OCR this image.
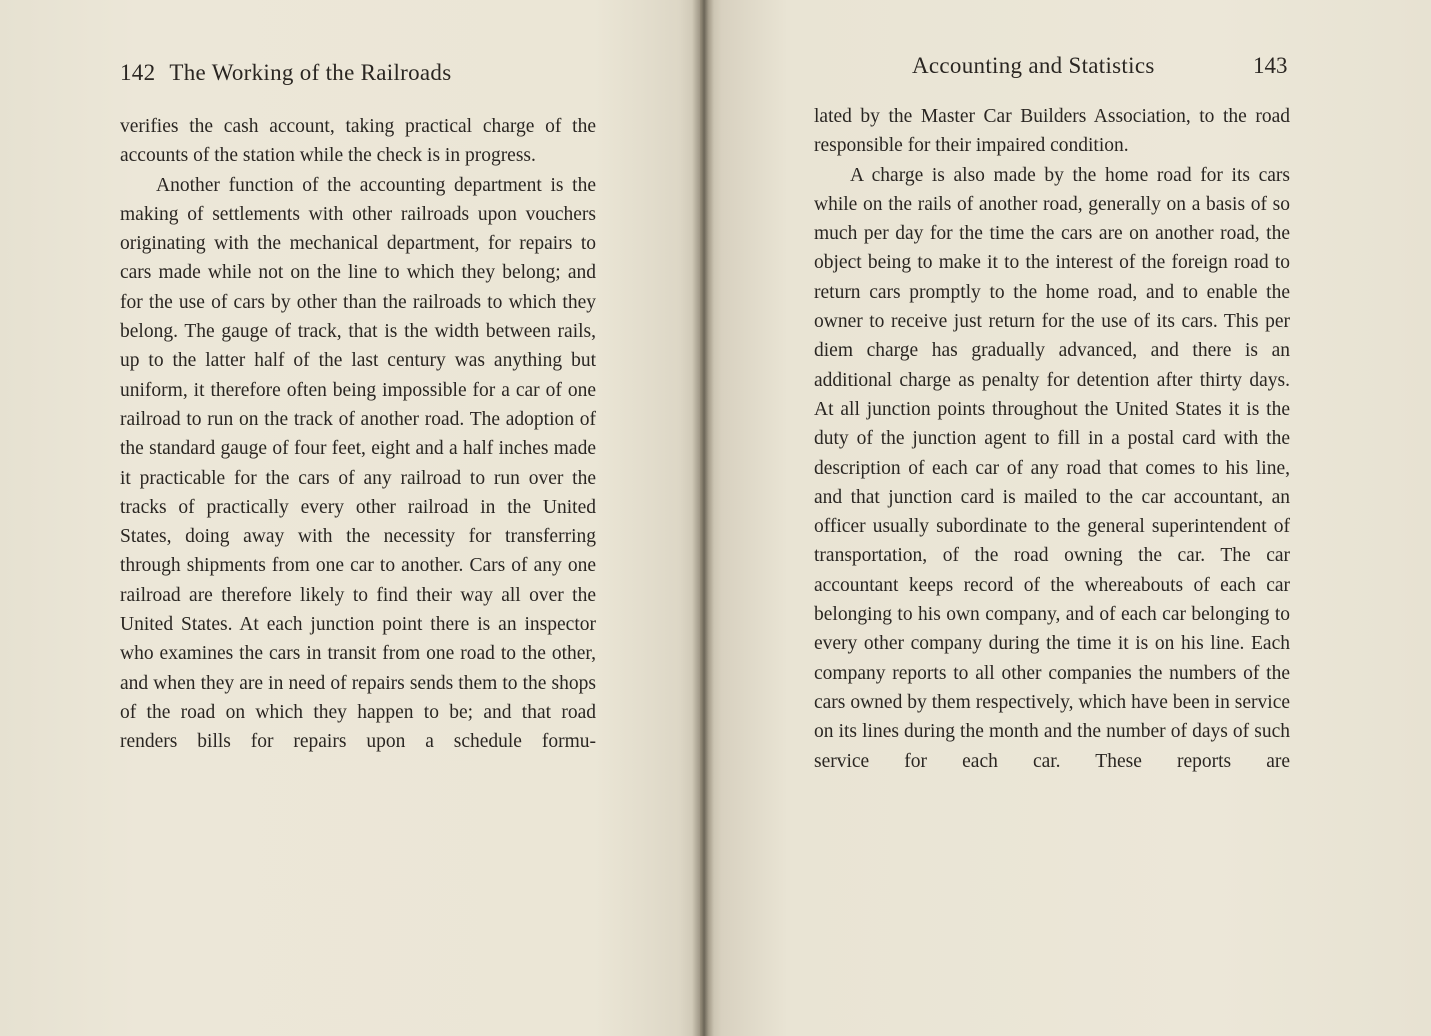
142 The Working of the Railroads	Accounting and Statistics	143

verifies the cash account, taking practical charge of the accounts of the station while the check is in progress.

Another function of the accounting department is the making of settlements with other railroads upon vouchers originating with the mechanical department, for repairs to cars made while not on the line to which they belong; and for the use of cars by other than the railroads to which they belong. The gauge of track, that is the width between rails, up to the latter half of the last century was anything but uniform, it therefore often being impossible for a car of one railroad to run on the track of another road. The adoption of the standard gauge of four feet, eight and a half inches made it practicable for the cars of any railroad to run over the tracks of practically every other railroad in the United States, doing away with the necessity for transferring through shipments from one car to another. Cars of any one railroad are therefore likely to find their way all over the United States. At each junction point there is an inspector who examines the cars in transit from one road to the other, and when they are in need of repairs sends them to the shops of the road on which they happen to be; and that road renders bills for repairs upon a schedule formu-

lated by the Master Car Builders Association, to the road responsible for their impaired condition.

A charge is also made by the home road for its cars while on the rails of another road, generally on a basis of so much per day for the time the cars are on another road, the object being to make it to the interest of the foreign road to return cars promptly to the home road, and to enable the owner to receive just return for the use of its cars. This per diem charge has gradually advanced, and there is an additional charge as penalty for detention after thirty days. At all junction points throughout the United States it is the duty of the junction agent to fill in a postal card with the description of each car of any road that comes to his line, and that junction card is mailed to the car accountant, an officer usually subordinate to the general superintendent of transportation, of the road owning the car. The car accountant keeps record of the whereabouts of each car belonging to his own company, and of each car belonging to every other company during the time it is on his line. Each company reports to all other companies the numbers of the cars owned by them respectively, which have been in service on its lines during the month and the number of days of such service for each car. These reports are
